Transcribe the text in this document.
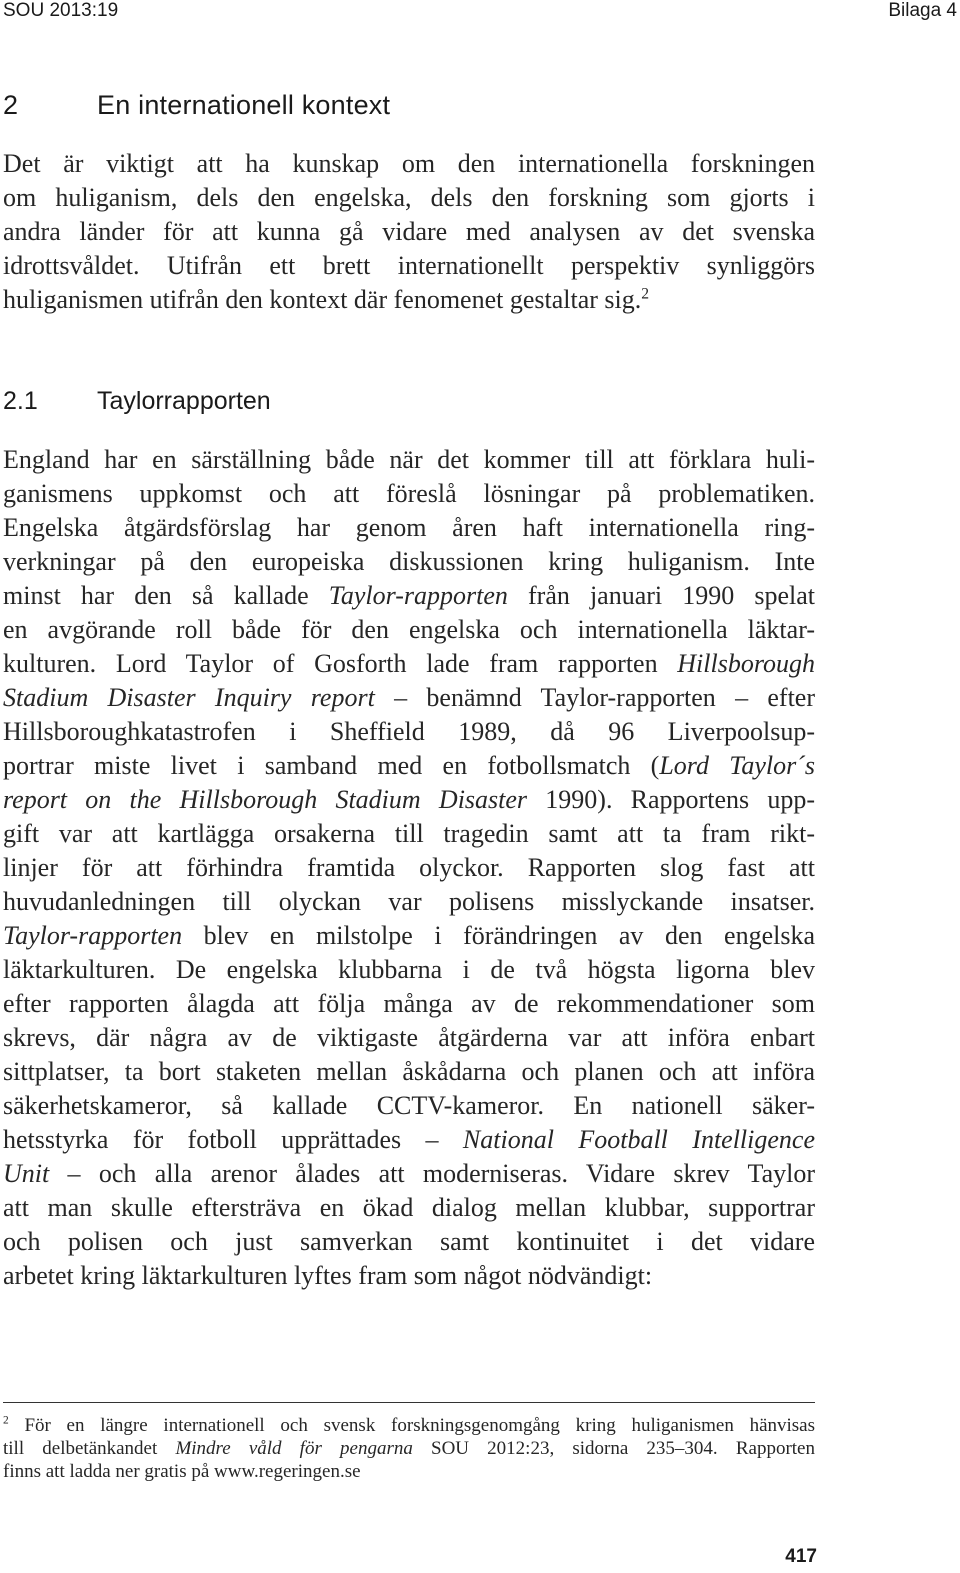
SOU 2013:19	Bilaga 4
2	En internationell kontext
Det är viktigt att ha kunskap om den internationella forskningen
om huliganism, dels den engelska, dels den forskning som gjorts i
andra länder för att kunna gå vidare med analysen av det svenska
idrottsvåldet. Utifrån ett brett internationellt perspektiv synliggörs
huliganismen utifrån den kontext där fenomenet gestaltar sig.$^2$
2.1 Taylorrapporten
England har en särställning både när det kommer till att förklara huli-
ganismens uppkomst och att föreslå lösningar på problematiken.
Engelska åtgärdsförslag har genom åren haft internationella ring-
verkningar på den europeiska diskussionen kring huliganism. Inte
minst har den så kallade Taylor-rapporten från januari 1990 spelat
en avgörande roll både för den engelska och internationella läktar-
kulturen. Lord Taylor of Gosforth lade fram rapporten Hillsborough
Stadium Disaster Inquiry report – benämnd Taylor-rapporten – efter
Hillsboroughkatastrofen i Sheffield 1989, då 96 Liverpoolsup-
portrar miste livet i samband med en fotbollsmatch (Lord Taylor´s
report on the Hillsborough Stadium Disaster 1990). Rapportens upp-
gift var att kartlägga orsakerna till tragedin samt att ta fram rikt-
linjer för att förhindra framtida olyckor. Rapporten slog fast att
huvudanledningen till olyckan var polisens misslyckande insatser.
Taylor-rapporten blev en milstolpe i förändringen av den engelska
läktarkulturen. De engelska klubbarna i de två högsta ligorna blev
efter rapporten ålagda att följa många av de rekommendationer som
skrevs, där några av de viktigaste åtgärderna var att införa enbart
sittplatser, ta bort staketen mellan åskådarna och planen och att införa
säkerhetskameror, så kallade CCTV-kameror. En nationell säker-
hetsstyrka för fotboll upprättades – National Football Intelligence
Unit – och alla arenor ålades att moderniseras. Vidare skrev Taylor
att man skulle eftersträva en ökad dialog mellan klubbar, supportrar
och polisen och just samverkan samt kontinuitet i det vidare
arbetet kring läktarkulturen lyftes fram som något nödvändigt:
$^2$ För en längre internationell och svensk forskningsgenomgång kring huliganismen hänvisas
till delbetänkandet Mindre våld för pengarna SOU 2012:23, sidorna 235–304. Rapporten
finns att ladda ner gratis på www.regeringen.se
417
